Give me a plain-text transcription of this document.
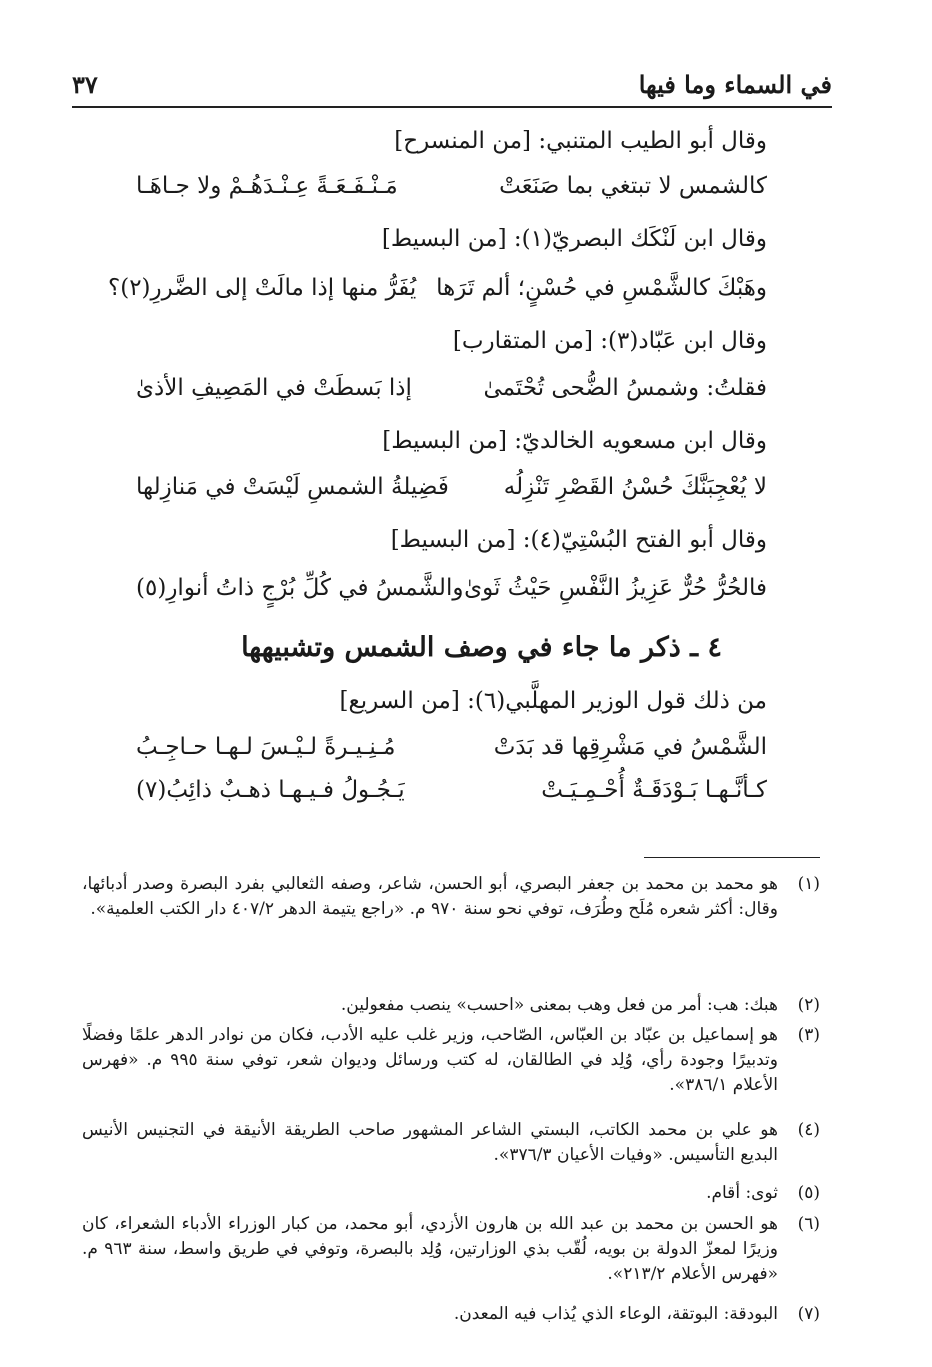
في السماء وما فيها
٣٧
وقال أبو الطيب المتنبي: [من المنسرح]
كالشمس لا تبتغي بما صَنَعَتْ
مَـنْـفَـعَـةً عِـنْـدَهُـمْ ولا جـاهَـا
وقال ابن لَنْكَك البصريّ(١): [من البسيط]
وهَبْكَ كالشَّمْسِ في حُسْنٍ؛ ألم تَرَها
يُفَرُّ منها إذا مالَتْ إلى الضَّررِ(٢)؟
وقال ابن عَبّاد(٣): [من المتقارب]
فقلتُ: وشمسُ الضُّحى تُحْتَمىٰ
إذا بَسطَتْ في المَصِيفِ الأذىٰ
وقال ابن مسعويه الخالديّ: [من البسيط]
لا يُعْجِبَنَّكَ حُسْنُ القَصْرِ تَنْزِلُه
فَضِيلةُ الشمسِ لَيْسَتْ في مَنازِلها
وقال أبو الفتح البُسْتِيّ(٤): [من البسيط]
فالحُرُّ حُرٌّ عَزِيزُ النَّفْسِ حَيْثُ ثَوىٰ
والشَّمسُ في كُلِّ بُرْجٍ ذاتُ أنوارِ(٥)
٤ ـ ذكر ما جاء في وصف الشمس وتشبيهها
من ذلك قول الوزير المهلَّبي(٦): [من السريع]
الشَّمْسُ في مَشْرِقِها قد بَدَتْ
مُـنِـيـرةً لـيْـسَ لـهـا حـاجِـبُ
كـأنَّـهـا بَـوْدَقَـةٌ أُحْـمِـيَـتْ
يَـجُـولُ فـيـهـا ذهـبٌ ذائِبُ(٧)
(١)
هو محمد بن محمد بن جعفر البصري، أبو الحسن، شاعر، وصفه الثعالبي بفرد البصرة وصدر أدبائها، وقال: أكثر شعره مُلَح وطُرَف، توفي نحو سنة ٩٧٠ م. «راجع يتيمة الدهر ٤٠٧/٢ دار الكتب العلمية».
(٢)
هبك: هب: أمر من فعل وهب بمعنى «احسب» ينصب مفعولين.
(٣)
هو إسماعيل بن عبّاد بن العبّاس، الصّاحب، وزير غلب عليه الأدب، فكان من نوادر الدهر علمًا وفضلًا وتدبيرًا وجودة رأي، وُلِد في الطالقان، له كتب ورسائل وديوان شعر، توفي سنة ٩٩٥ م. «فهرس الأعلام ٣٨٦/١».
(٤)
هو علي بن محمد الكاتب، البستي الشاعر المشهور صاحب الطريقة الأنيقة في التجنيس الأنيس البديع التأسيس. «وفيات الأعيان ٣٧٦/٣».
(٥)
ثوى: أقام.
(٦)
هو الحسن بن محمد بن عبد الله بن هارون الأزدي، أبو محمد، من كبار الوزراء الأدباء الشعراء، كان وزيرًا لمعزّ الدولة بن بويه، لُقّب بذي الوزارتين، وُلِد بالبصرة، وتوفي في طريق واسط، سنة ٩٦٣ م. «فهرس الأعلام ٢١٣/٢».
(٧)
البودقة: البوتقة، الوعاء الذي يُذاب فيه المعدن.
